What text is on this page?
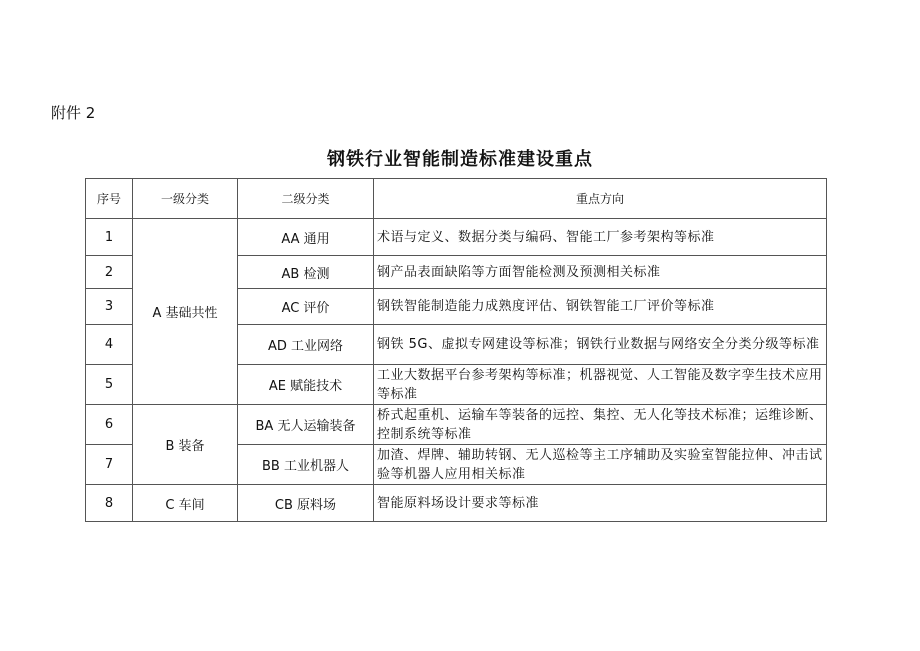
附件 2
钢铁行业智能制造标准建设重点
序号	一级分类	二级分类	重点方向
1	A 基础共性	AA 通用	术语与定义、数据分类与编码、智能工厂参考架构等标准
2		AB 检测	钢产品表面缺陷等方面智能检测及预测相关标准
3		AC 评价	钢铁智能制造能力成熟度评估、钢铁智能工厂评价等标准
4		AD 工业网络	钢铁 5G、虚拟专网建设等标准；钢铁行业数据与网络安全分类分级等标准
5		AE 赋能技术	工业大数据平台参考架构等标准；机器视觉、人工智能及数字孪生技术应用等标准
6	B 装备	BA 无人运输装备	桥式起重机、运输车等装备的远控、集控、无人化等技术标准；运维诊断、控制系统等标准
7		BB 工业机器人	加渣、焊牌、辅助转钢、无人巡检等主工序辅助及实验室智能拉伸、冲击试验等机器人应用相关标准
8	C 车间	CB 原料场	智能原料场设计要求等标准
